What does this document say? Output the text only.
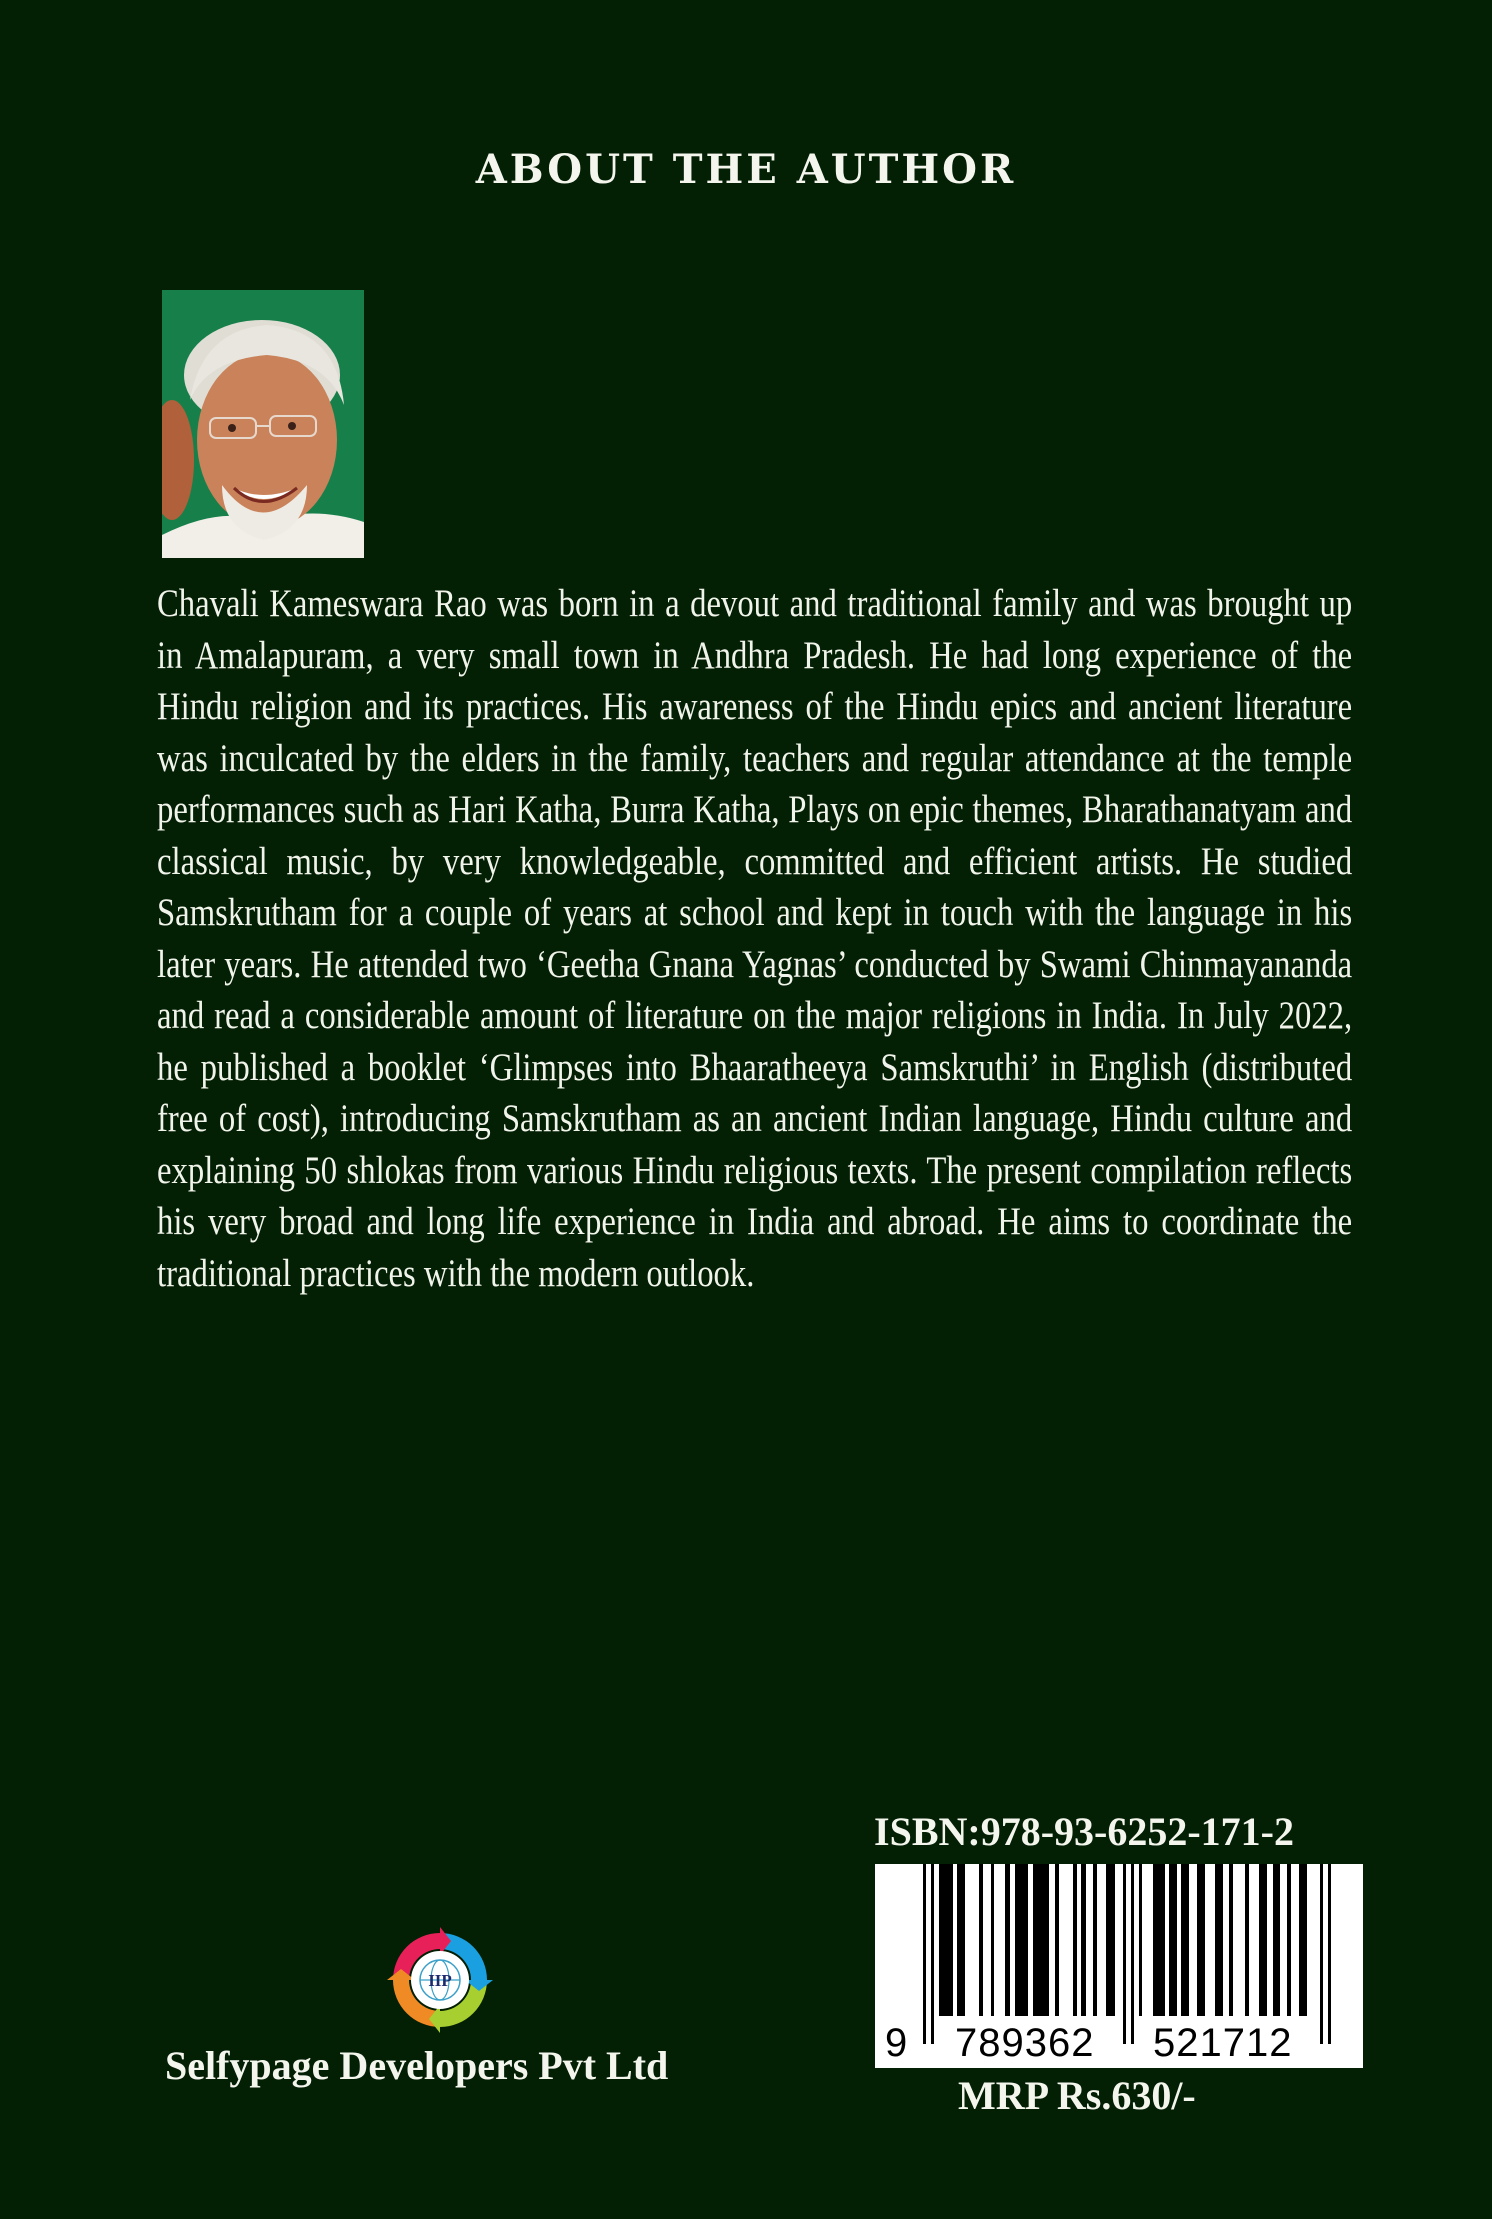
ABOUT THE AUTHOR

Chavali Kameswara Rao was born in a devout and traditional family and was brought up in Amalapuram, a very small town in Andhra Pradesh. He had long experience of the Hindu religion and its practices. His awareness of the Hindu epics and ancient literature was inculcated by the elders in the family, teachers and regular attendance at the temple performances such as Hari Katha, Burra Katha, Plays on epic themes, Bharathanatyam and classical music, by very knowledgeable, committed and efficient artists. He studied Samskrutham for a couple of years at school and kept in touch with the language in his later years. He attended two ‘Geetha Gnana Yagnas’ conducted by Swami Chinmayananda and read a considerable amount of literature on the major religions in India. In July 2022, he published a booklet ‘Glimpses into Bhaaratheeya Samskruthi’ in English (distributed free of cost), introducing Samskrutham as an ancient Indian language, Hindu culture and explaining 50 shlokas from various Hindu religious texts. The present compilation reflects his very broad and long life experience in India and abroad. He aims to coordinate the traditional practices with the modern outlook.

IIP
Selfypage Developers Pvt Ltd
ISBN:978-93-6252-171-2
9 789362 521712
MRP Rs.630/-
